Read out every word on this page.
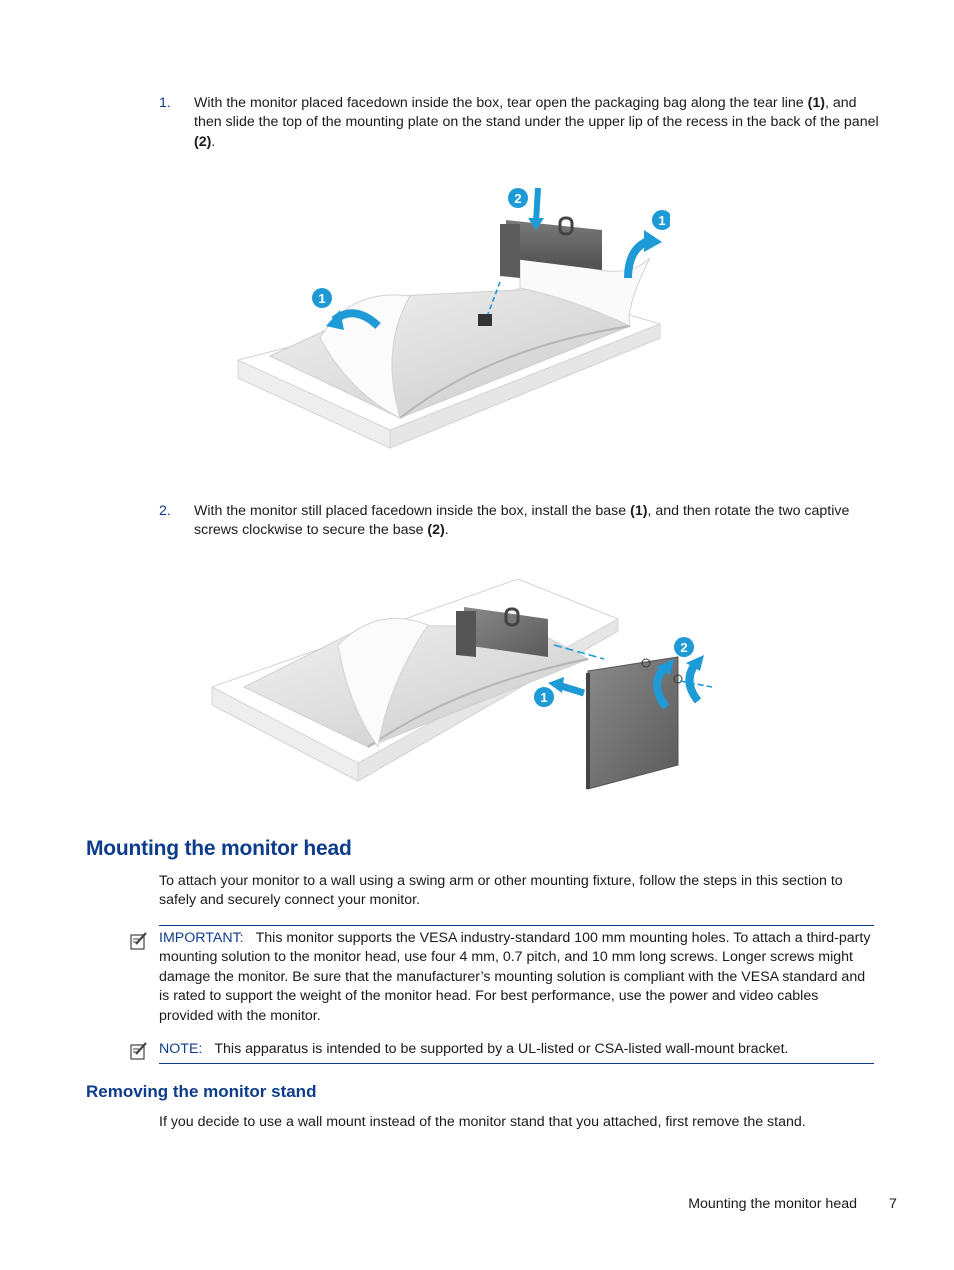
1. With the monitor placed facedown inside the box, tear open the packaging bag along the tear line (1), and then slide the top of the mounting plate on the stand under the upper lip of the recess in the back of the panel (2).
2
1
1
2. With the monitor still placed facedown inside the box, install the base (1), and then rotate the two captive screws clockwise to secure the base (2).
1
2
Mounting the monitor head
To attach your monitor to a wall using a swing arm or other mounting fixture, follow the steps in this section to safely and securely connect your monitor.
IMPORTANT: This monitor supports the VESA industry-standard 100 mm mounting holes. To attach a third-party mounting solution to the monitor head, use four 4 mm, 0.7 pitch, and 10 mm long screws. Longer screws might damage the monitor. Be sure that the manufacturer’s mounting solution is compliant with the VESA standard and is rated to support the weight of the monitor head. For best performance, use the power and video cables provided with the monitor.
NOTE: This apparatus is intended to be supported by a UL-listed or CSA-listed wall-mount bracket.
Removing the monitor stand
If you decide to use a wall mount instead of the monitor stand that you attached, first remove the stand.
Mounting the monitor head 7
